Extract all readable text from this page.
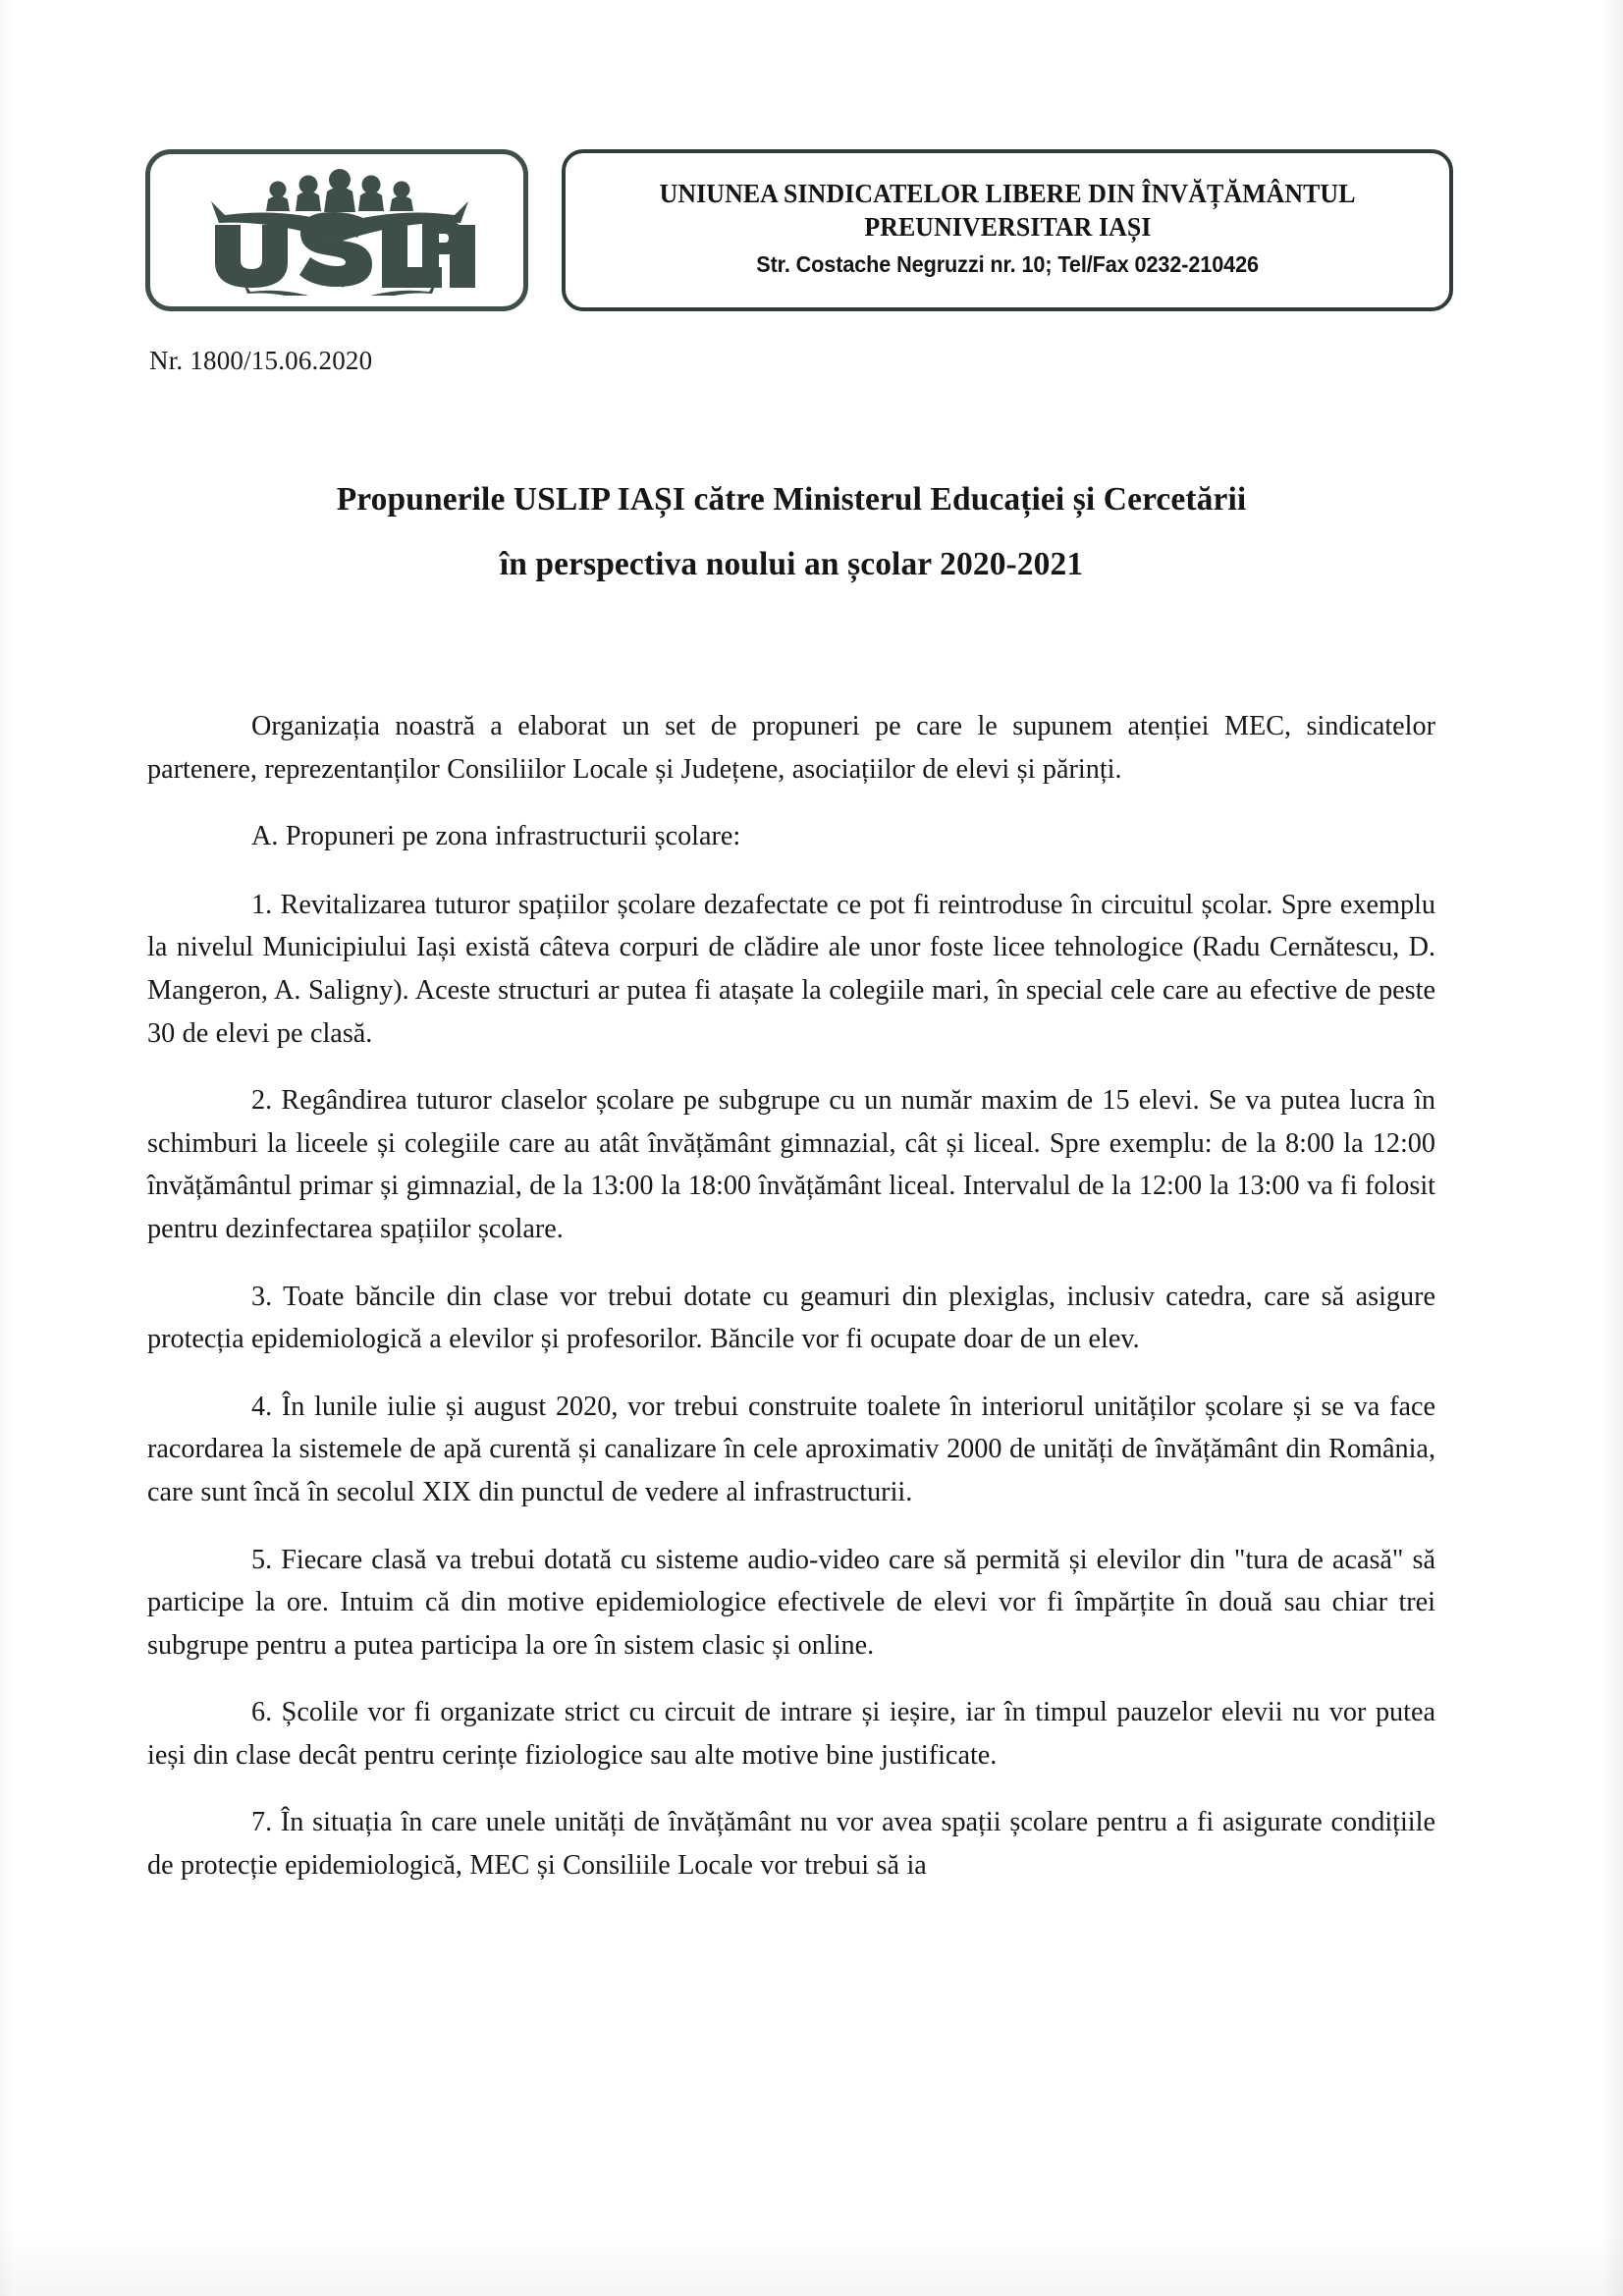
Iași
UNIUNEA SINDICATELOR LIBERE DIN ÎNVĂȚĂMÂNTUL
PREUNIVERSITAR IAȘI
Str. Costache Negruzzi nr. 10; Tel/Fax 0232-210426
Nr. 1800/15.06.2020
Propunerile USLIP IAȘI către Ministerul Educației și Cercetării
în perspectiva noului an școlar 2020-2021

Organizația noastră a elaborat un set de propuneri pe care le supunem atenției MEC, sindicatelor partenere, reprezentanților Consiliilor Locale și Județene, asociațiilor de elevi și părinți.

A. Propuneri pe zona infrastructurii școlare:

1. Revitalizarea tuturor spațiilor școlare dezafectate ce pot fi reintroduse în circuitul școlar. Spre exemplu la nivelul Municipiului Iași există câteva corpuri de clădire ale unor foste licee tehnologice (Radu Cernătescu, D. Mangeron, A. Saligny). Aceste structuri ar putea fi atașate la colegiile mari, în special cele care au efective de peste 30 de elevi pe clasă.

2. Regândirea tuturor claselor școlare pe subgrupe cu un număr maxim de 15 elevi. Se va putea lucra în schimburi la liceele și colegiile care au atât învățământ gimnazial, cât și liceal. Spre exemplu: de la 8:00 la 12:00 învățământul primar și gimnazial, de la 13:00 la 18:00 învățământ liceal. Intervalul de la 12:00 la 13:00 va fi folosit pentru dezinfectarea spațiilor școlare.

3. Toate băncile din clase vor trebui dotate cu geamuri din plexiglas, inclusiv catedra, care să asigure protecția epidemiologică a elevilor și profesorilor. Băncile vor fi ocupate doar de un elev.

4. În lunile iulie și august 2020, vor trebui construite toalete în interiorul unităților școlare și se va face racordarea la sistemele de apă curentă și canalizare în cele aproximativ 2000 de unități de învățământ din România, care sunt încă în secolul XIX din punctul de vedere al infrastructurii.

5. Fiecare clasă va trebui dotată cu sisteme audio-video care să permită și elevilor din "tura de acasă" să participe la ore. Intuim că din motive epidemiologice efectivele de elevi vor fi împărțite în două sau chiar trei subgrupe pentru a putea participa la ore în sistem clasic și online.

6. Școlile vor fi organizate strict cu circuit de intrare și ieșire, iar în timpul pauzelor elevii nu vor putea ieși din clase decât pentru cerințe fiziologice sau alte motive bine justificate.

7. În situația în care unele unități de învățământ nu vor avea spații școlare pentru a fi asigurate condițiile de protecție epidemiologică, MEC și Consiliile Locale vor trebui să ia
